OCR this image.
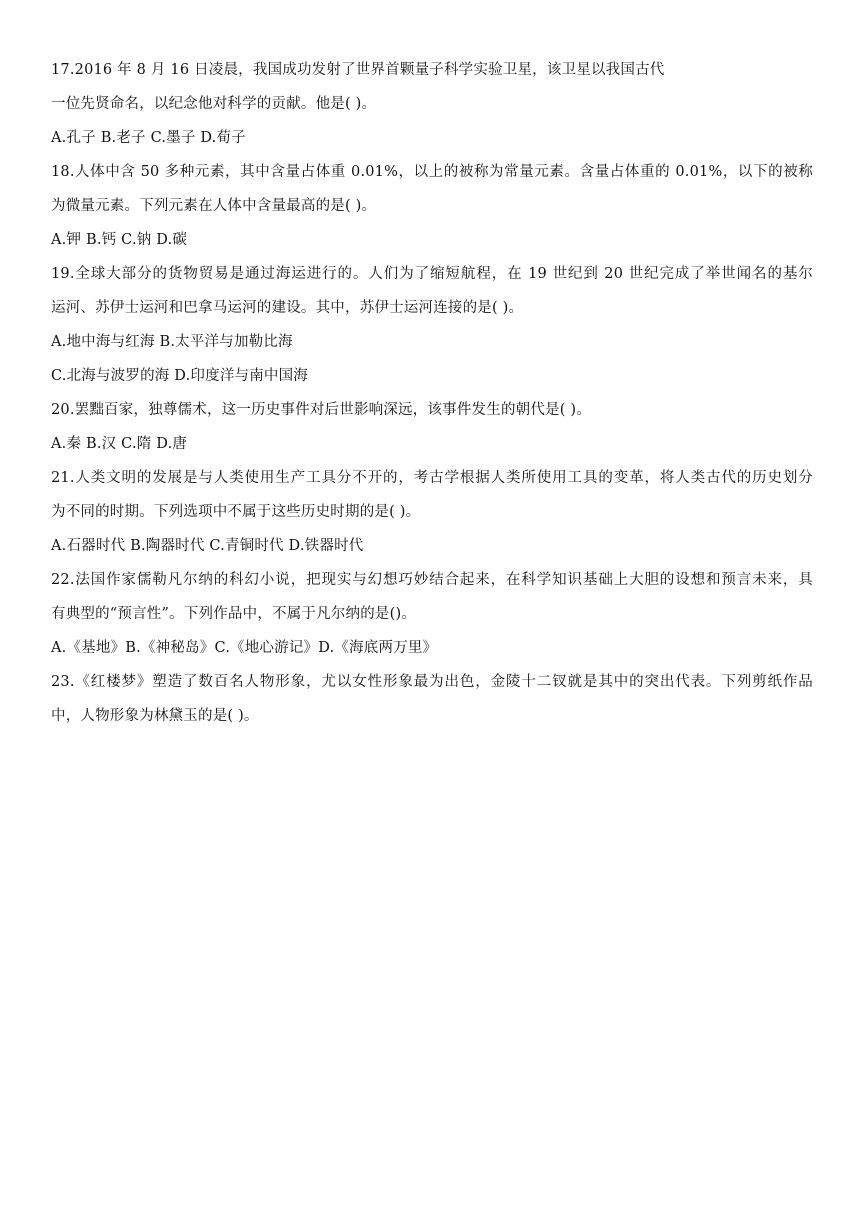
17.2016 年 8 月 16 日凌晨，我国成功发射了世界首颗量子科学实验卫星，该卫星以我国古代
一位先贤命名，以纪念他对科学的贡献。他是( )。
A.孔子 B.老子 C.墨子 D.荀子
18.人体中含 50 多种元素，其中含量占体重 0.01%，以上的被称为常量元素。含量占体重的 0.01%，以下的被称
为微量元素。下列元素在人体中含量最高的是( )。
A.钾 B.钙 C.钠 D.碳
19.全球大部分的货物贸易是通过海运进行的。人们为了缩短航程，在 19 世纪到 20 世纪完成了举世闻名的基尔
运河、苏伊士运河和巴拿马运河的建设。其中，苏伊士运河连接的是( )。
A.地中海与红海 B.太平洋与加勒比海
C.北海与波罗的海 D.印度洋与南中国海
20.罢黜百家，独尊儒术，这一历史事件对后世影响深远，该事件发生的朝代是( )。
A.秦 B.汉 C.隋 D.唐
21.人类文明的发展是与人类使用生产工具分不开的，考古学根据人类所使用工具的变革，将人类古代的历史划分
为不同的时期。下列选项中不属于这些历史时期的是( )。
A.石器时代 B.陶器时代 C.青铜时代 D.铁器时代
22.法国作家儒勒凡尔纳的科幻小说，把现实与幻想巧妙结合起来，在科学知识基础上大胆的设想和预言未来，具
有典型的“预言性”。下列作品中，不属于凡尔纳的是()。
A.《基地》B.《神秘岛》C.《地心游记》D.《海底两万里》
23.《红楼梦》塑造了数百名人物形象，尤以女性形象最为出色，金陵十二钗就是其中的突出代表。下列剪纸作品
中，人物形象为林黛玉的是( )。
